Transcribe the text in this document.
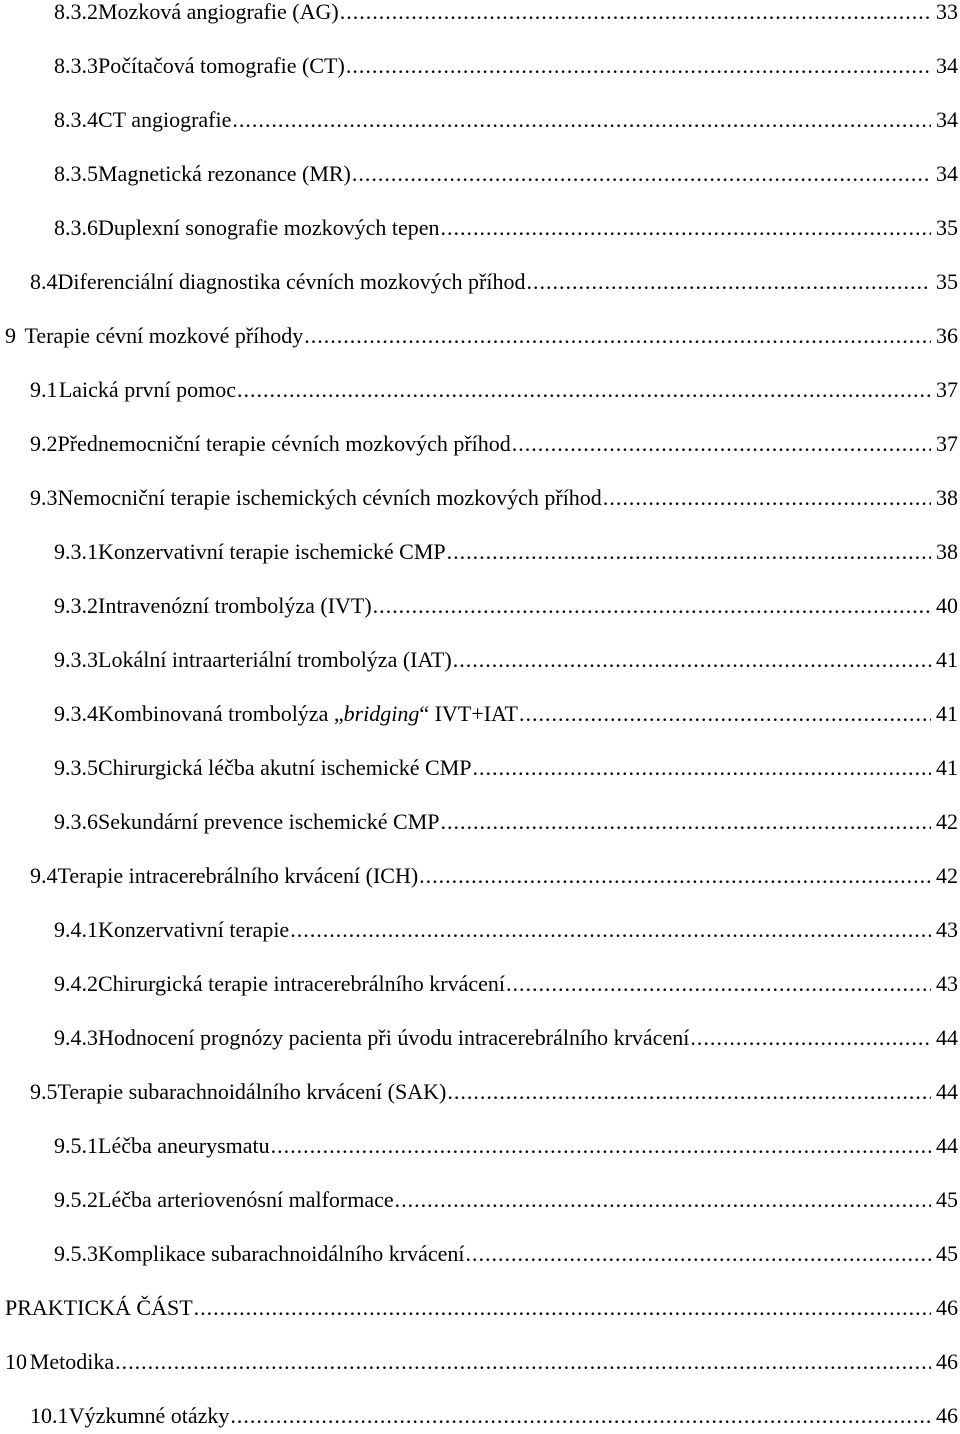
8.3.2 Mozková angiografie (AG) .....	33
8.3.3 Počítačová tomografie (CT) .....	34
8.3.4 CT angiografie .....	34
8.3.5 Magnetická rezonance (MR) .....	34
8.3.6 Duplexní sonografie mozkových tepen .....	35
8.4 Diferenciální diagnostika cévních mozkových příhod .....	35
9 Terapie cévní mozkové příhody .....	36
9.1 Laická první pomoc .....	37
9.2 Přednemocniční terapie cévních mozkových příhod .....	37
9.3 Nemocniční terapie ischemických cévních mozkových příhod .....	38
9.3.1 Konzervativní terapie ischemické CMP .....	38
9.3.2 Intravenózní trombolýza (IVT) .....	40
9.3.3 Lokální intraarteriální trombolýza (IAT) .....	41
9.3.4 Kombinovaná trombolýza „bridging“ IVT+IAT .....	41
9.3.5 Chirurgická léčba akutní ischemické CMP .....	41
9.3.6 Sekundární prevence ischemické CMP .....	42
9.4 Terapie intracerebrálního krvácení (ICH) .....	42
9.4.1 Konzervativní terapie .....	43
9.4.2 Chirurgická terapie intracerebrálního krvácení .....	43
9.4.3 Hodnocení prognózy pacienta při úvodu intracerebrálního krvácení .....	44
9.5 Terapie subarachnoidálního krvácení (SAK) .....	44
9.5.1 Léčba aneurysmatu .....	44
9.5.2 Léčba arteriovenósní malformace .....	45
9.5.3 Komplikace subarachnoidálního krvácení .....	45
PRAKTICKÁ ČÁST .....	46
10 Metodika .....	46
10.1 Výzkumné otázky .....	46
